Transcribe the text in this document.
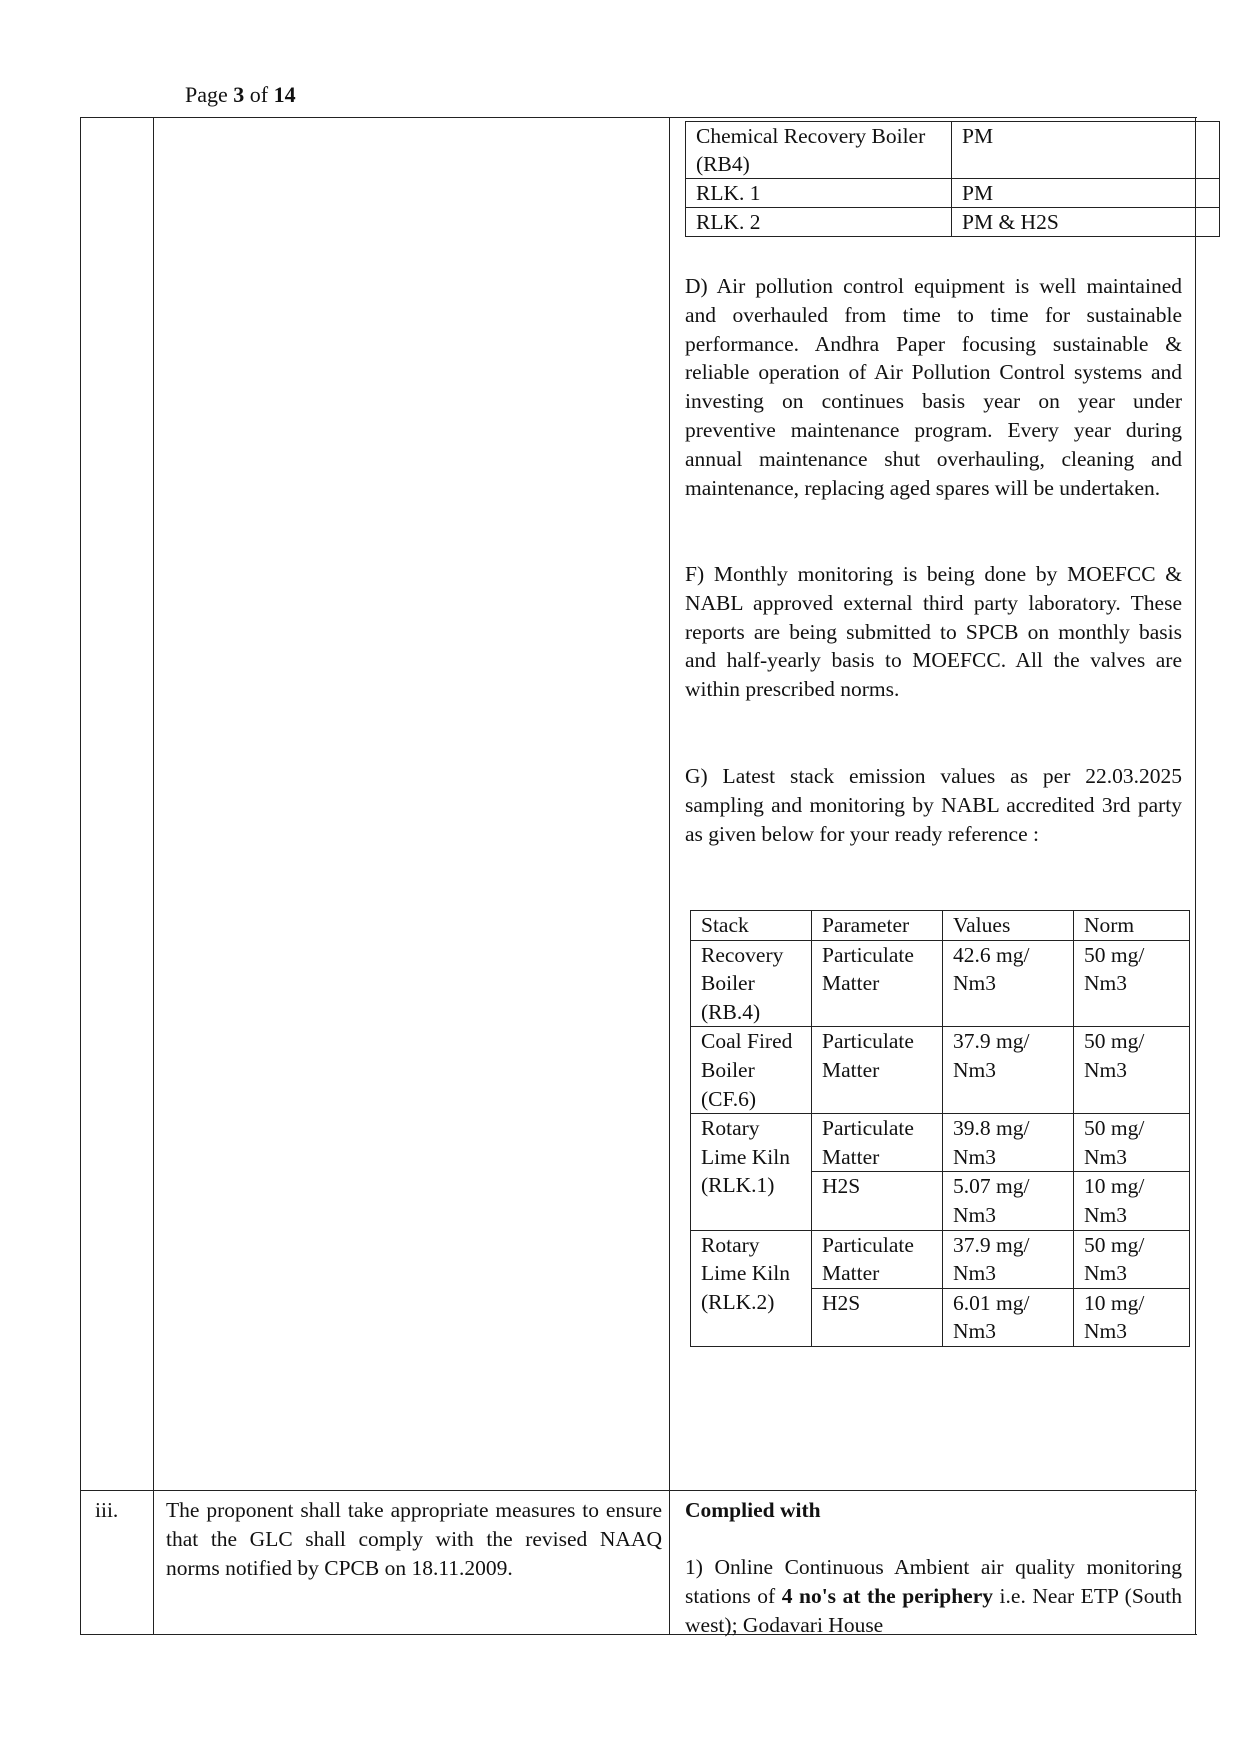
Page 3 of 14
Chemical Recovery Boiler (RB4)	PM
RLK. 1	PM
RLK. 2	PM & H2S
D) Air pollution control equipment is well maintained and overhauled from time to time for sustainable performance. Andhra Paper focusing sustainable & reliable operation of Air Pollution Control systems and investing on continues basis year on year under preventive maintenance program. Every year during annual maintenance shut overhauling, cleaning and maintenance, replacing aged spares will be undertaken.
F) Monthly monitoring is being done by MOEFCC & NABL approved external third party laboratory. These reports are being submitted to SPCB on monthly basis and half-yearly basis to MOEFCC. All the valves are within prescribed norms.
G) Latest stack emission values as per 22.03.2025 sampling and monitoring by NABL accredited 3rd party as given below for your ready reference :
Stack	Parameter	Values	Norm
Recovery Boiler (RB.4)	Particulate Matter	42.6 mg/ Nm3	50 mg/ Nm3
Coal Fired Boiler (CF.6)	Particulate Matter	37.9 mg/ Nm3	50 mg/ Nm3
Rotary Lime Kiln (RLK.1)	Particulate Matter	39.8 mg/ Nm3	50 mg/ Nm3
	H2S	5.07 mg/ Nm3	10 mg/ Nm3
Rotary Lime Kiln (RLK.2)	Particulate Matter	37.9 mg/ Nm3	50 mg/ Nm3
	H2S	6.01 mg/ Nm3	10 mg/ Nm3
iii. The proponent shall take appropriate measures to ensure that the GLC shall comply with the revised NAAQ norms notified by CPCB on 18.11.2009.
Complied with
1) Online Continuous Ambient air quality monitoring stations of 4 no's at the periphery i.e. Near ETP (South west); Godavari House
